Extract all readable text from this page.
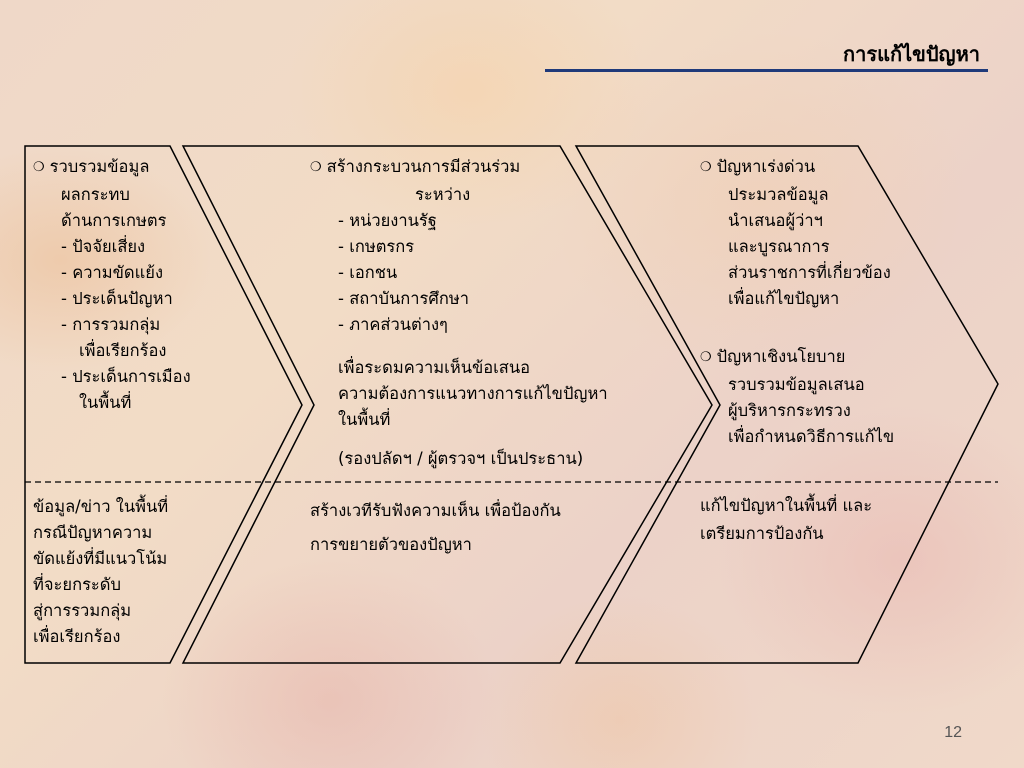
การแก้ไขปัญหา
❍ รวบรวมข้อมูล
ผลกระทบ
ด้านการเกษตร
- ปัจจัยเสี่ยง
- ความขัดแย้ง
- ประเด็นปัญหา
- การรวมกลุ่ม
เพื่อเรียกร้อง
- ประเด็นการเมือง
ในพื้นที่
ข้อมูล/ข่าว ในพื้นที่
กรณีปัญหาความ
ขัดแย้งที่มีแนวโน้ม
ที่จะยกระดับ
สู่การรวมกลุ่ม
เพื่อเรียกร้อง
❍ สร้างกระบวนการมีส่วนร่วม
ระหว่าง
- หน่วยงานรัฐ
- เกษตรกร
- เอกชน
- สถาบันการศึกษา
- ภาคส่วนต่างๆ
เพื่อระดมความเห็นข้อเสนอ
ความต้องการแนวทางการแก้ไขปัญหา
ในพื้นที่
(รองปลัดฯ / ผู้ตรวจฯ เป็นประธาน)
สร้างเวทีรับฟังความเห็น เพื่อป้องกัน
การขยายตัวของปัญหา
❍ ปัญหาเร่งด่วน
ประมวลข้อมูล
นำเสนอผู้ว่าฯ
และบูรณาการ
ส่วนราชการที่เกี่ยวข้อง
เพื่อแก้ไขปัญหา
❍ ปัญหาเชิงนโยบาย
รวบรวมข้อมูลเสนอ
ผู้บริหารกระทรวง
เพื่อกำหนดวิธีการแก้ไข
แก้ไขปัญหาในพื้นที่ และ
เตรียมการป้องกัน
12
